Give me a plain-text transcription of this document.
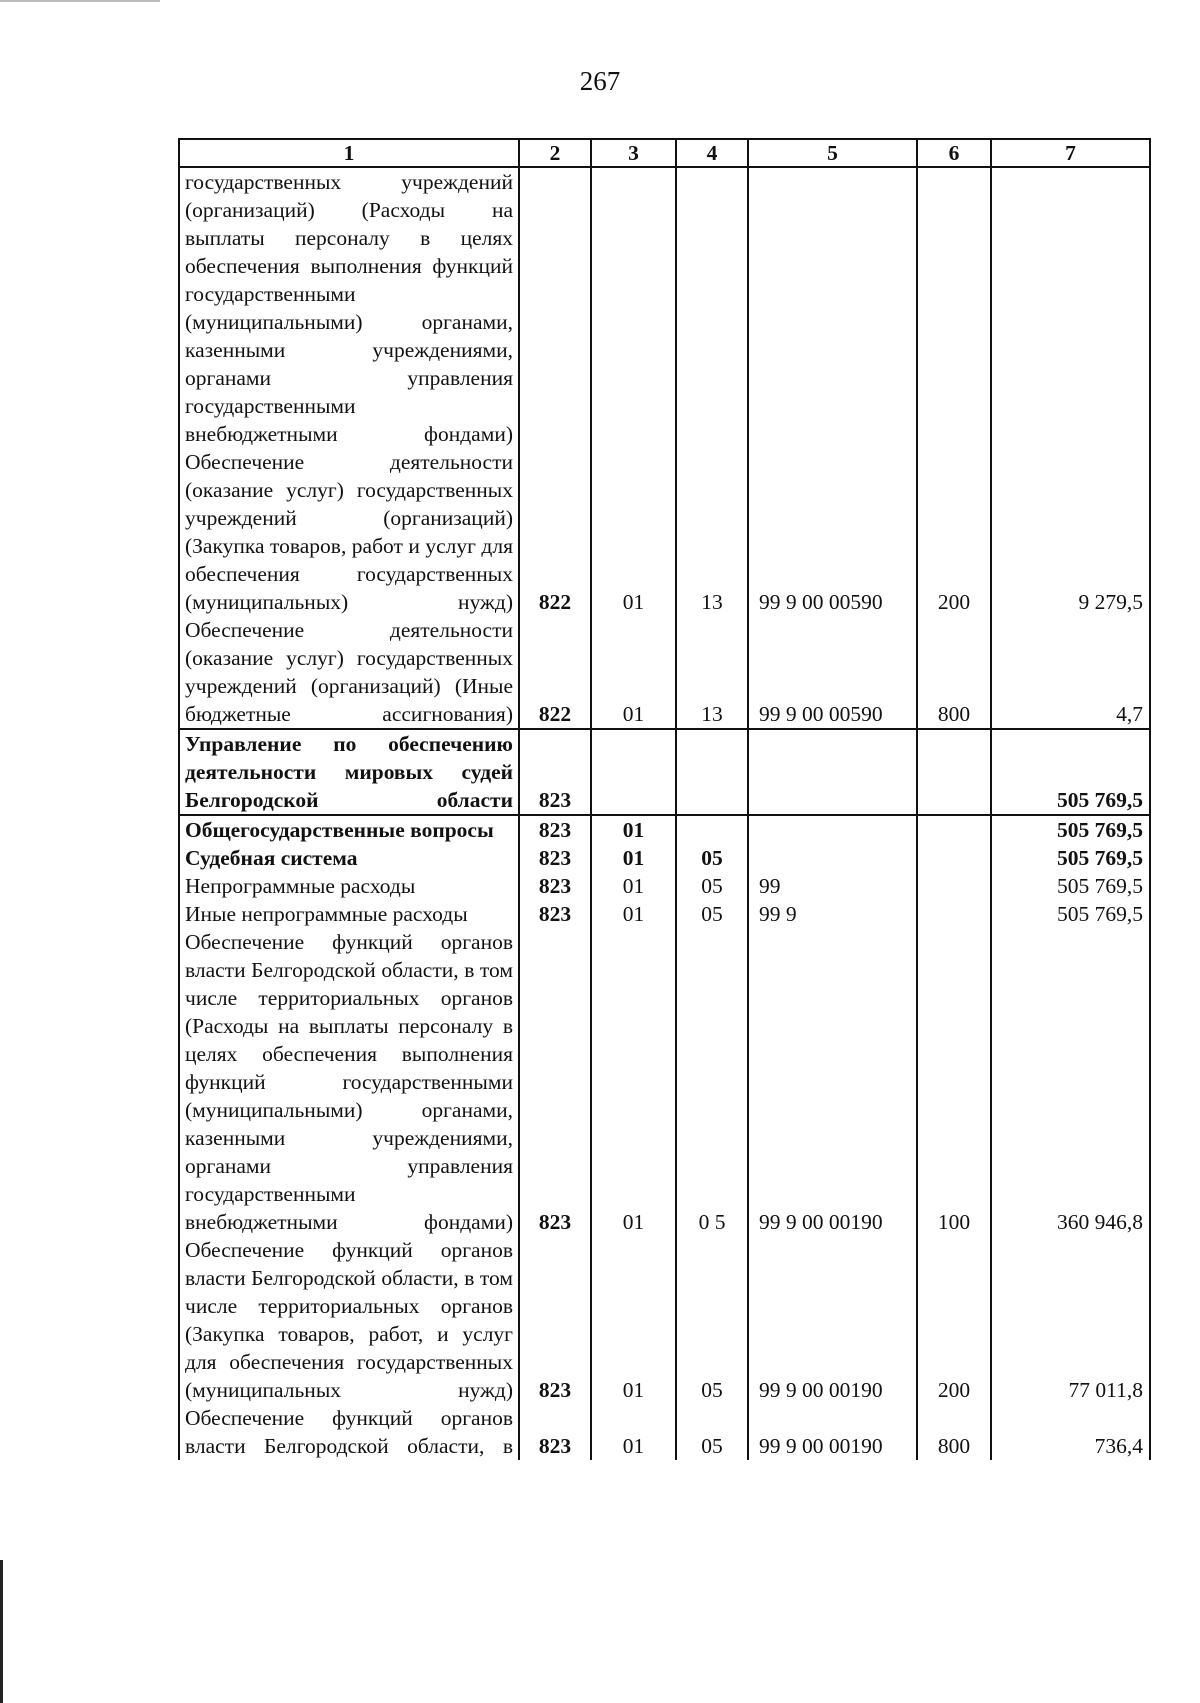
267
1	2	3	4	5	6	7
государственных учреждений (организаций) (Расходы на выплаты персоналу в целях обеспечения выполнения функций государственными (муниципальными) органами, казенными учреждениями, органами управления государственными внебюджетными фондами) Обеспечение деятельности (оказание услуг) государственных учреждений (организаций) (Закупка товаров, работ и услуг для обеспечения государственных (муниципальных) нужд)	822	01	13	99 9 00 00590	200	9 279,5
Обеспечение деятельности (оказание услуг) государственных учреждений (организаций) (Иные бюджетные ассигнования)	822	01	13	99 9 00 00590	800	4,7
Управление по обеспечению деятельности мировых судей Белгородской области	823					505 769,5
Общегосударственные вопросы	823	01				505 769,5
Судебная система	823	01	05			505 769,5
Непрограммные расходы	823	01	05	99		505 769,5
Иные непрограммные расходы	823	01	05	99 9		505 769,5
Обеспечение функций органов власти Белгородской области, в том числе территориальных органов (Расходы на выплаты персоналу в целях обеспечения выполнения функций государственными (муниципальными) органами, казенными учреждениями, органами управления государственными внебюджетными фондами)	823	01	0 5	99 9 00 00190	100	360 946,8
Обеспечение функций органов власти Белгородской области, в том числе территориальных органов (Закупка товаров, работ, и услуг для обеспечения государственных (муниципальных нужд)	823	01	05	99 9 00 00190	200	77 011,8
Обеспечение функций органов власти Белгородской области, в	823	01	05	99 9 00 00190	800	736,4
